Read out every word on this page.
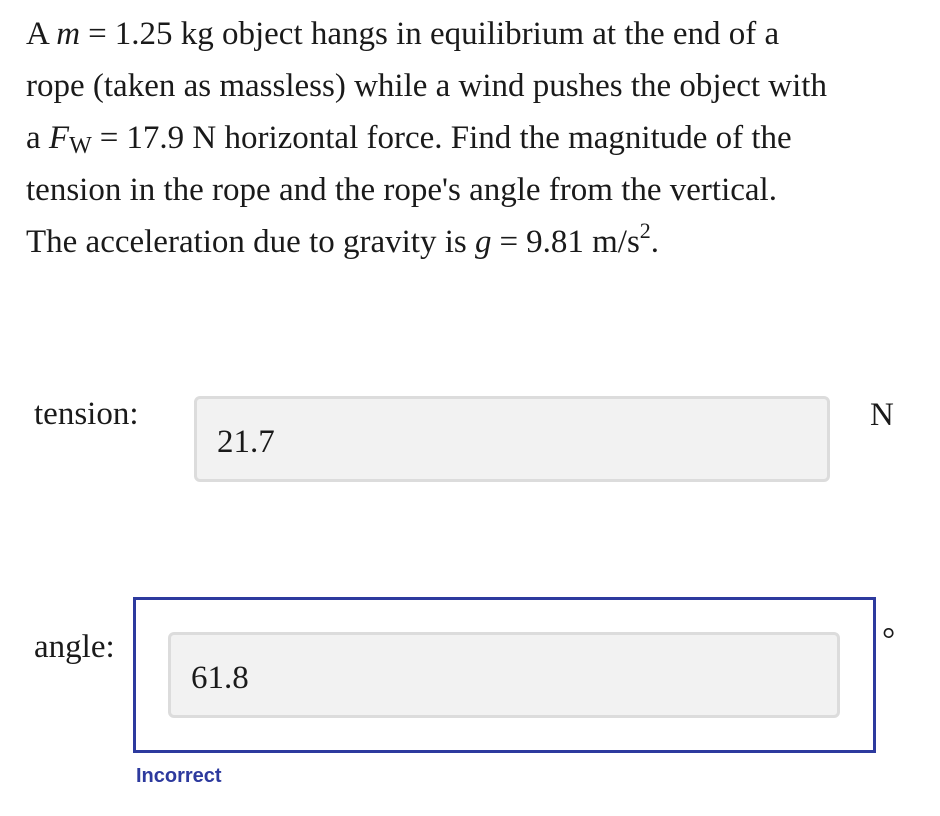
A m = 1.25 kg object hangs in equilibrium at the end of a

rope (taken as massless) while a wind pushes the object with

a $F_W = 17.9$ N horizontal force. Find the magnitude of the

tension in the rope and the rope's angle from the vertical.

The acceleration due to gravity is g = 9.81 $m/s^2$.

tension:
21.7
N
angle:
61.8
°
Incorrect
